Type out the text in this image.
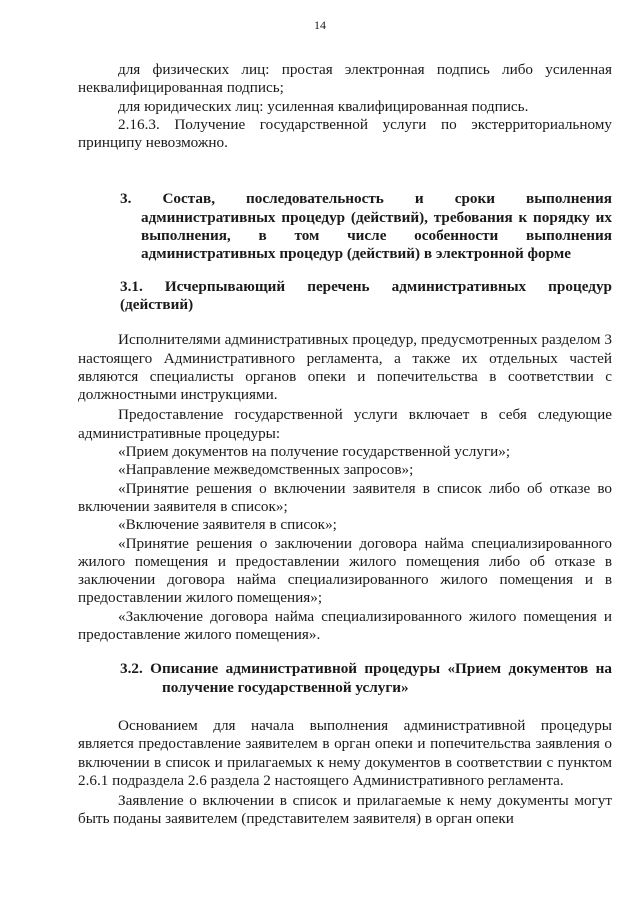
14

для физических лиц: простая электронная подпись либо усиленная неквалифицированная подпись;

для юридических лиц: усиленная квалифицированная подпись.

2.16.3. Получение государственной услуги по экстерриториальному принципу невозможно.

3. Состав, последовательность и сроки выполнения административных процедур (действий), требования к порядку их выполнения, в том числе особенности выполнения административных процедур (действий) в электронной форме
3.1. Исчерпывающий перечень административных процедур (действий)

Исполнителями административных процедур, предусмотренных разделом 3 настоящего Административного регламента, а также их отдельных частей являются специалисты органов опеки и попечительства в соответствии с должностными инструкциями.

Предоставление государственной услуги включает в себя следующие административные процедуры:

«Прием документов на получение государственной услуги»;

«Направление межведомственных запросов»;

«Принятие решения о включении заявителя в список либо об отказе во включении заявителя в список»;

«Включение заявителя в список»;

«Принятие решения о заключении договора найма специализированного жилого помещения и предоставлении жилого помещения либо об отказе в заключении договора найма специализированного жилого помещения и в предоставлении жилого помещения»;

«Заключение договора найма специализированного жилого помещения и предоставление жилого помещения».

3.2. Описание административной процедуры «Прием документов на получение государственной услуги»

Основанием для начала выполнения административной процедуры является предоставление заявителем в орган опеки и попечительства заявления о включении в список и прилагаемых к нему документов в соответствии с пунктом 2.6.1 подраздела 2.6 раздела 2 настоящего Административного регламента.

Заявление о включении в список и прилагаемые к нему документы могут быть поданы заявителем (представителем заявителя) в орган опеки
